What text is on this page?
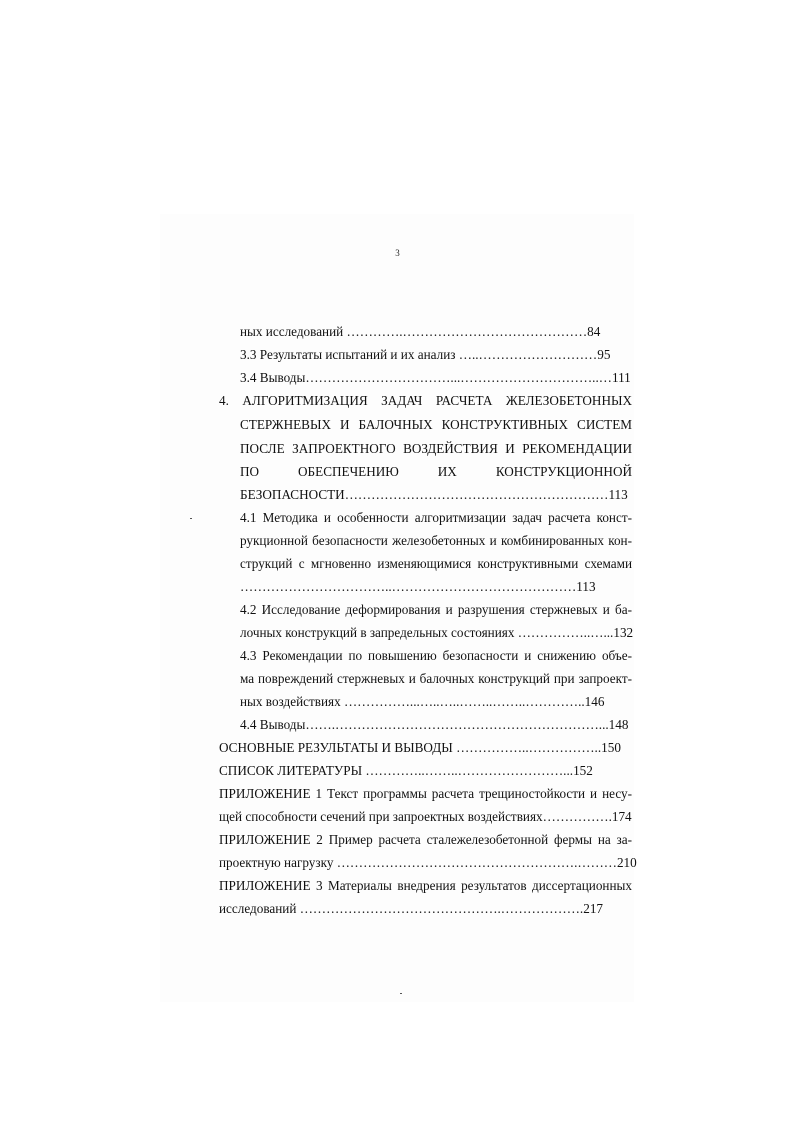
3
ных исследований ………….……………………………………84
3.3 Результаты испытаний и их анализ …..………………………95
3.4 Выводы……………………………...…………………………..…111
4. АЛГОРИТМИЗАЦИЯ ЗАДАЧ РАСЧЕТА ЖЕЛЕЗОБЕТОННЫХ
СТЕРЖНЕВЫХ И БАЛОЧНЫХ КОНСТРУКТИВНЫХ СИСТЕМ
ПОСЛЕ ЗАПРОЕКТНОГО ВОЗДЕЙСТВИЯ И РЕКОМЕНДАЦИИ
ПО ОБЕСПЕЧЕНИЮ ИХ КОНСТРУКЦИОННОЙ
БЕЗОПАСНОСТИ……………………………………………………113
4.1 Методика и особенности алгоритмизации задач расчета конст-
рукционной безопасности железобетонных и комбинированных кон-
струкций с мгновенно изменяющимися конструктивными схемами
……………………………..……………………………………113
4.2 Исследование деформирования и разрушения стержневых и ба-
лочных конструкций в запредельных состояниях ……………..…...132
4.3 Рекомендации по повышению безопасности и снижению объе-
ма повреждений стержневых и балочных конструкций при запроект-
ных воздействиях ……………...…..…..……..……..…………..146
4.4 Выводы…….……………………………………………………...148
ОСНОВНЫЕ РЕЗУЛЬТАТЫ И ВЫВОДЫ ……………..……………..150
СПИСОК ЛИТЕРАТУРЫ …………..……..……………………...152
ПРИЛОЖЕНИЕ 1 Текст программы расчета трещиностойкости и несу-
щей способности сечений при запроектных воздействиях…………….174
ПРИЛОЖЕНИЕ 2 Пример расчета сталежелезобетонной фермы на за-
проектную нагрузку ……………………………………………….………210
ПРИЛОЖЕНИЕ 3 Материалы внедрения результатов диссертационных
исследований ……………………………………….……………….217
